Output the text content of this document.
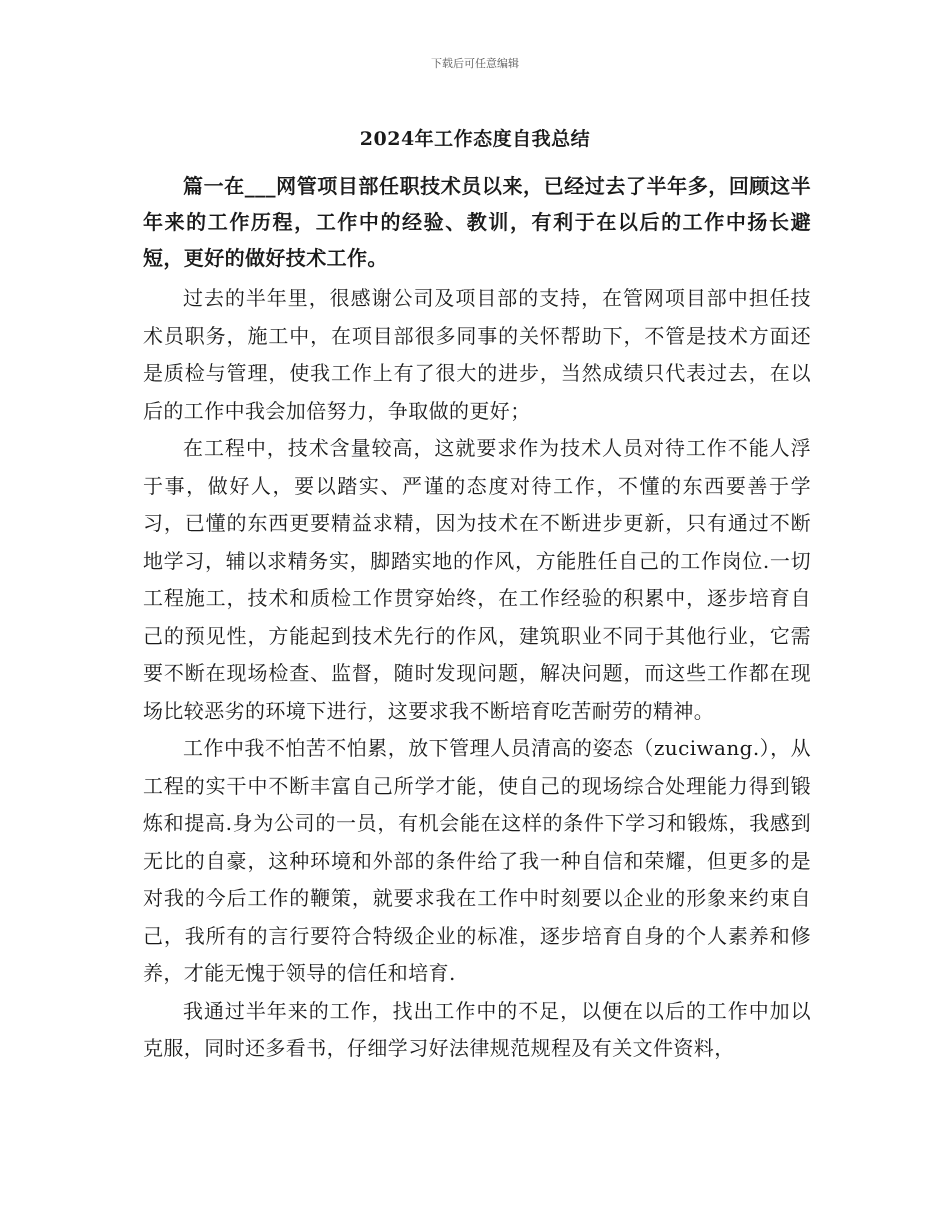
下载后可任意编辑
2024年工作态度自我总结

篇一在___网管项目部任职技术员以来，已经过去了半年多，回顾这半年来的工作历程，工作中的经验、教训，有利于在以后的工作中扬长避短，更好的做好技术工作。

过去的半年里，很感谢公司及项目部的支持，在管网项目部中担任技术员职务，施工中，在项目部很多同事的关怀帮助下，不管是技术方面还是质检与管理，使我工作上有了很大的进步，当然成绩只代表过去，在以后的工作中我会加倍努力，争取做的更好；

在工程中，技术含量较高，这就要求作为技术人员对待工作不能人浮于事，做好人，要以踏实、严谨的态度对待工作，不懂的东西要善于学习，已懂的东西更要精益求精，因为技术在不断进步更新，只有通过不断地学习，辅以求精务实，脚踏实地的作风，方能胜任自己的工作岗位.一切工程施工，技术和质检工作贯穿始终，在工作经验的积累中，逐步培育自己的预见性，方能起到技术先行的作风，建筑职业不同于其他行业，它需要不断在现场检查、监督，随时发现问题，解决问题，而这些工作都在现场比较恶劣的环境下进行，这要求我不断培育吃苦耐劳的精神。

工作中我不怕苦不怕累，放下管理人员清高的姿态（zuciwang.），从工程的实干中不断丰富自己所学才能，使自己的现场综合处理能力得到锻炼和提高.身为公司的一员，有机会能在这样的条件下学习和锻炼，我感到无比的自豪，这种环境和外部的条件给了我一种自信和荣耀，但更多的是对我的今后工作的鞭策，就要求我在工作中时刻要以企业的形象来约束自己，我所有的言行要符合特级企业的标准，逐步培育自身的个人素养和修养，才能无愧于领导的信任和培育.

我通过半年来的工作，找出工作中的不足，以便在以后的工作中加以克服，同时还多看书，仔细学习好法律规范规程及有关文件资料，
